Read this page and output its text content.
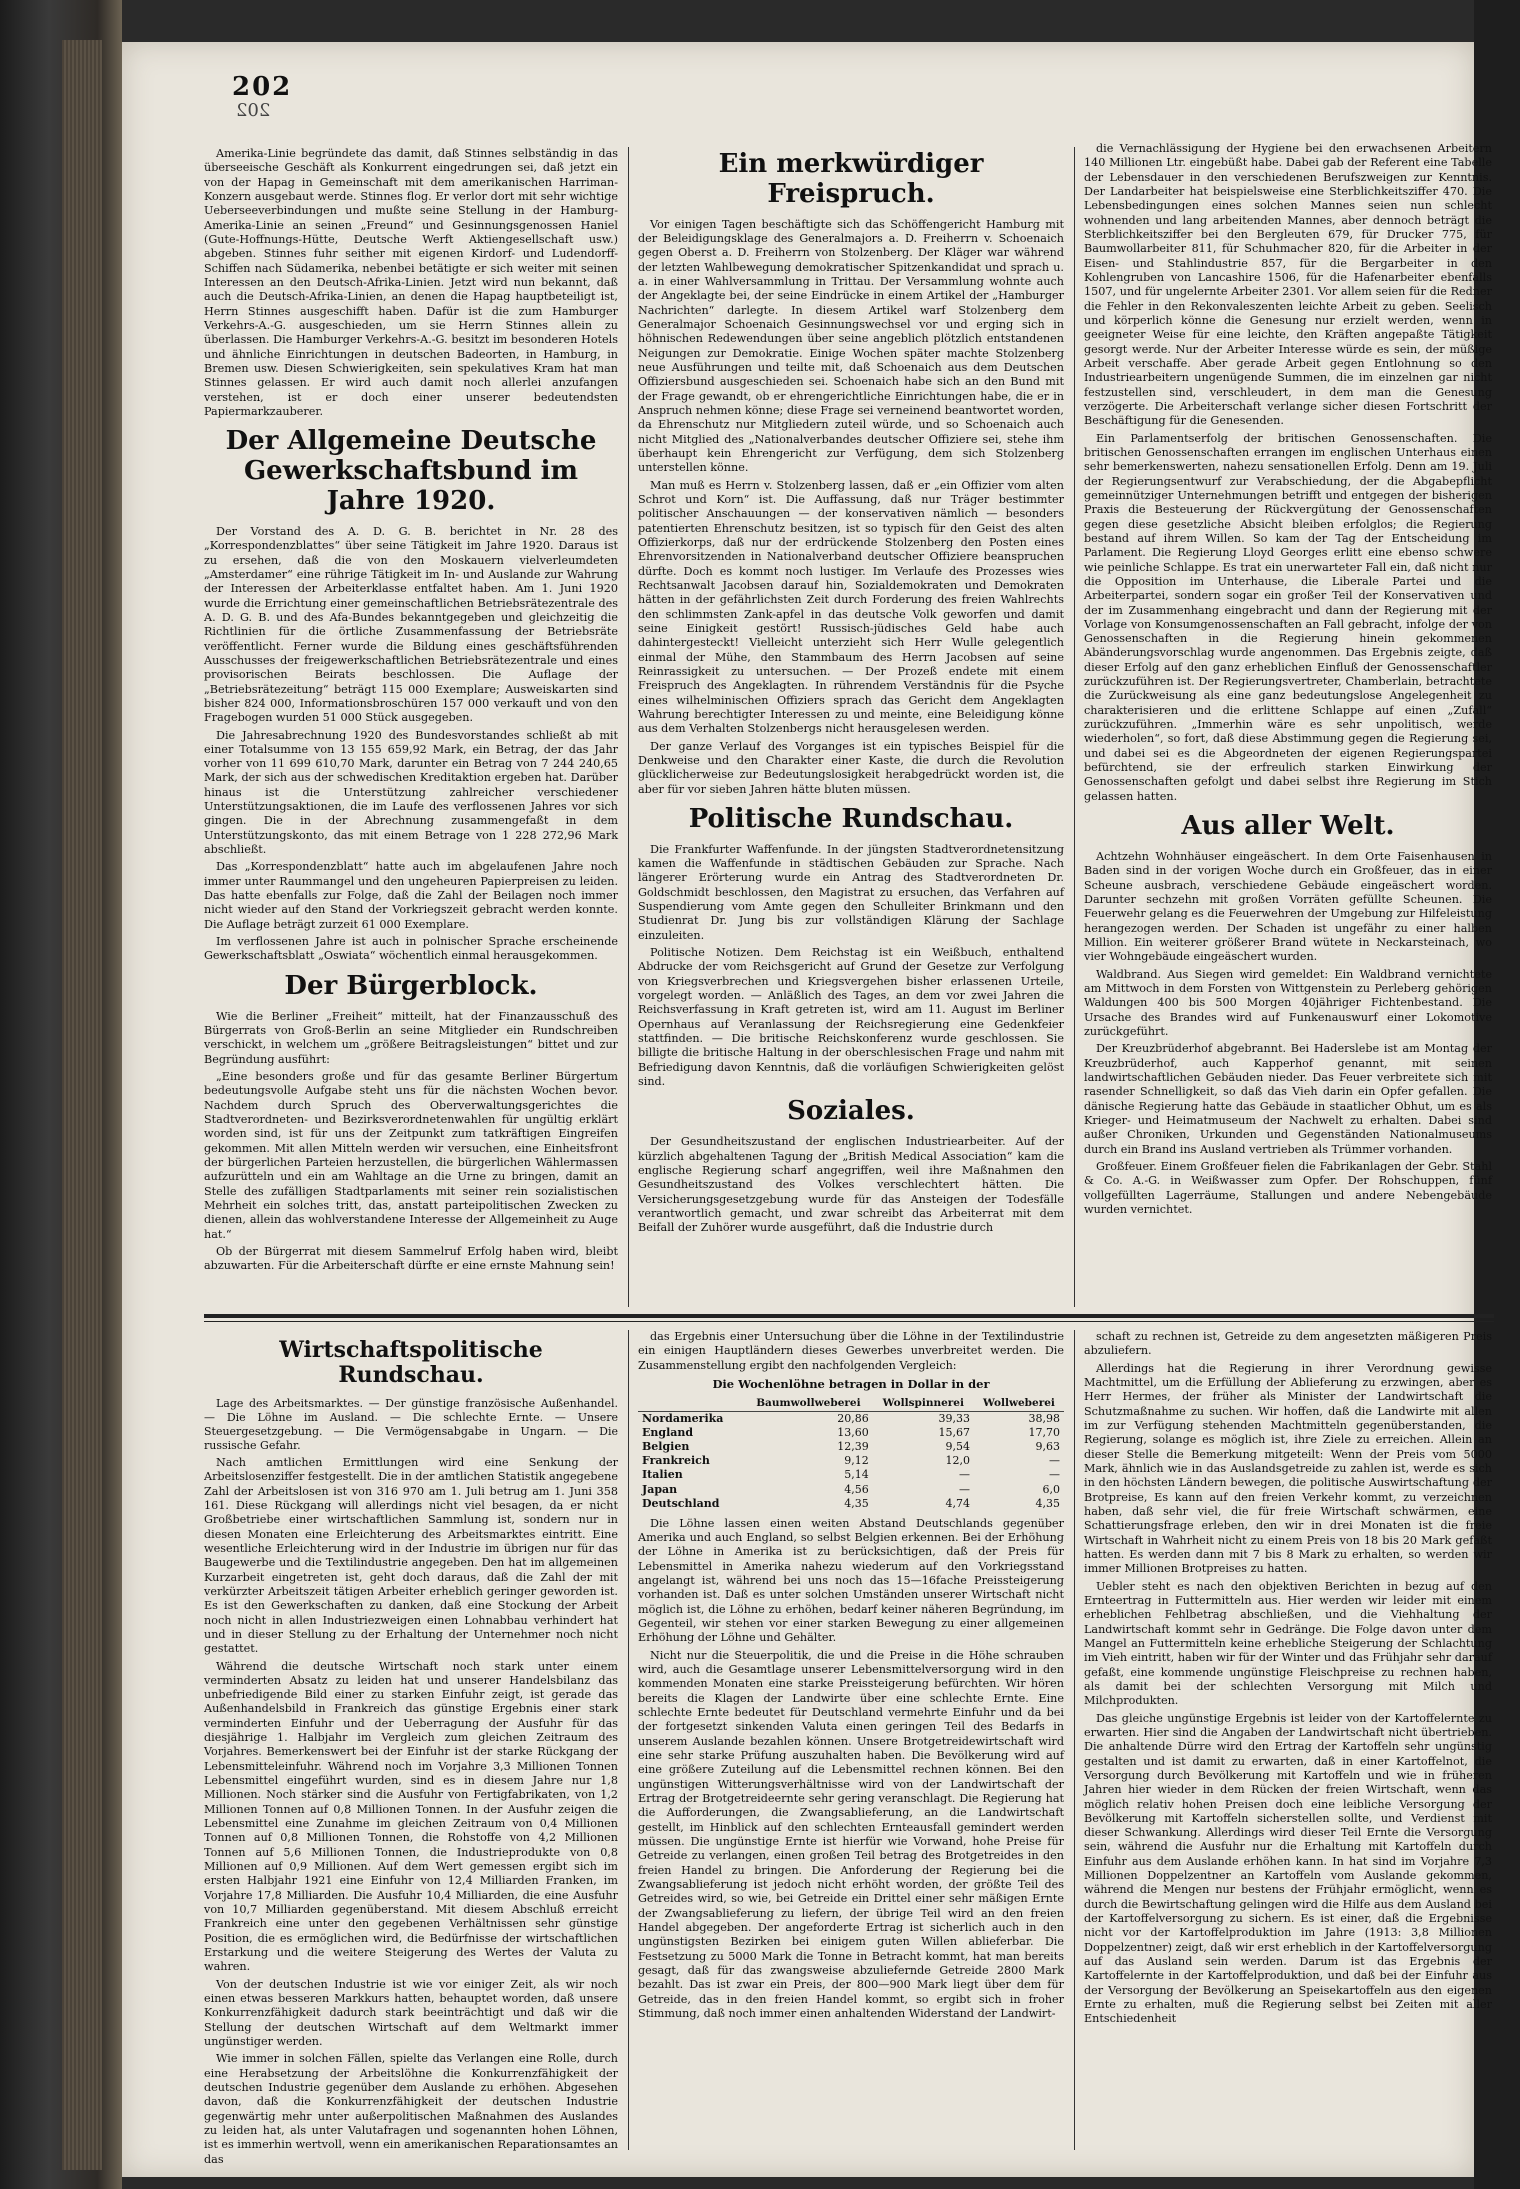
202
202

Amerika-Linie begründete das damit, daß Stinnes selbständig in das überseeische Geschäft als Konkurrent eingedrungen sei, daß jetzt ein von der Hapag in Gemeinschaft mit dem amerikanischen Harriman-Konzern ausgebaut werde. Stinnes flog. Er verlor dort mit sehr wichtige Ueberseeverbindungen und mußte seine Stellung in der Hamburg-Amerika-Linie an seinen „Freund“ und Gesinnungsgenossen Haniel (Gute-Hoffnungs-Hütte, Deutsche Werft Aktiengesellschaft usw.) abgeben. Stinnes fuhr seither mit eigenen Kirdorf- und Ludendorff-Schiffen nach Südamerika, nebenbei betätigte er sich weiter mit seinen Interessen an den Deutsch-Afrika-Linien. Jetzt wird nun bekannt, daß auch die Deutsch-Afrika-Linien, an denen die Hapag hauptbeteiligt ist, Herrn Stinnes ausgeschifft haben. Dafür ist die zum Hamburger Verkehrs-A.-G. ausgeschieden, um sie Herrn Stinnes allein zu überlassen. Die Hamburger Verkehrs-A.-G. besitzt im besonderen Hotels und ähnliche Einrichtungen in deutschen Badeorten, in Hamburg, in Bremen usw. Diesen Schwierigkeiten, sein spekulatives Kram hat man Stinnes gelassen. Er wird auch damit noch allerlei anzufangen verstehen, ist er doch einer unserer bedeutendsten Papiermarkzauberer.

Der Allgemeine Deutsche Gewerkschaftsbund im Jahre 1920.

Der Vorstand des A. D. G. B. berichtet in Nr. 28 des „Korrespondenzblattes“ über seine Tätigkeit im Jahre 1920. Daraus ist zu ersehen, daß die von den Moskauern vielverleumdeten „Amsterdamer“ eine rührige Tätigkeit im In- und Auslande zur Wahrung der Interessen der Arbeiterklasse entfaltet haben. Am 1. Juni 1920 wurde die Errichtung einer gemeinschaftlichen Betriebsrätezentrale des A. D. G. B. und des Afa-Bundes bekanntgegeben und gleichzeitig die Richtlinien für die örtliche Zusammenfassung der Betriebsräte veröffentlicht. Ferner wurde die Bildung eines geschäftsführenden Ausschusses der freigewerkschaftlichen Betriebsrätezentrale und eines provisorischen Beirats beschlossen. Die Auflage der „Betriebsrätezeitung“ beträgt 115 000 Exemplare; Ausweiskarten sind bisher 824 000, Informationsbroschüren 157 000 verkauft und von den Fragebogen wurden 51 000 Stück ausgegeben.

Die Jahresabrechnung 1920 des Bundesvorstandes schließt ab mit einer Totalsumme von 13 155 659,92 Mark, ein Betrag, der das Jahr vorher von 11 699 610,70 Mark, darunter ein Betrag von 7 244 240,65 Mark, der sich aus der schwedischen Kreditaktion ergeben hat. Darüber hinaus ist die Unterstützung zahlreicher verschiedener Unterstützungsaktionen, die im Laufe des verflossenen Jahres vor sich gingen. Die in der Abrechnung zusammengefaßt in dem Unterstützungskonto, das mit einem Betrage von 1 228 272,96 Mark abschließt.

Das „Korrespondenzblatt“ hatte auch im abgelaufenen Jahre noch immer unter Raummangel und den ungeheuren Papierpreisen zu leiden. Das hatte ebenfalls zur Folge, daß die Zahl der Beilagen noch immer nicht wieder auf den Stand der Vorkriegszeit gebracht werden konnte. Die Auflage beträgt zurzeit 61 000 Exemplare.

Im verflossenen Jahre ist auch in polnischer Sprache erscheinende Gewerkschaftsblatt „Oswiata“ wöchentlich einmal herausgekommen.

Der Bürgerblock.

Wie die Berliner „Freiheit“ mitteilt, hat der Finanzausschuß des Bürgerrats von Groß-Berlin an seine Mitglieder ein Rundschreiben verschickt, in welchem um „größere Beitragsleistungen“ bittet und zur Begründung ausführt:

„Eine besonders große und für das gesamte Berliner Bürgertum bedeutungsvolle Aufgabe steht uns für die nächsten Wochen bevor. Nachdem durch Spruch des Oberverwaltungsgerichtes die Stadtverordneten- und Bezirksverordnetenwahlen für ungültig erklärt worden sind, ist für uns der Zeitpunkt zum tatkräftigen Eingreifen gekommen. Mit allen Mitteln werden wir versuchen, eine Einheitsfront der bürgerlichen Parteien herzustellen, die bürgerlichen Wählermassen aufzurütteln und ein am Wahltage an die Urne zu bringen, damit an Stelle des zufälligen Stadtparlaments mit seiner rein sozialistischen Mehrheit ein solches tritt, das, anstatt parteipolitischen Zwecken zu dienen, allein das wohlverstandene Interesse der Allgemeinheit zu Auge hat.“

Ob der Bürgerrat mit diesem Sammelruf Erfolg haben wird, bleibt abzuwarten. Für die Arbeiterschaft dürfte er eine ernste Mahnung sein!

Ein merkwürdiger Freispruch.

Vor einigen Tagen beschäftigte sich das Schöffengericht Hamburg mit der Beleidigungsklage des Generalmajors a. D. Freiherrn v. Schoenaich gegen Oberst a. D. Freiherrn von Stolzenberg. Der Kläger war während der letzten Wahlbewegung demokratischer Spitzenkandidat und sprach u. a. in einer Wahlversammlung in Trittau. Der Versammlung wohnte auch der Angeklagte bei, der seine Eindrücke in einem Artikel der „Hamburger Nachrichten“ darlegte. In diesem Artikel warf Stolzenberg dem Generalmajor Schoenaich Gesinnungswechsel vor und erging sich in höhnischen Redewendungen über seine angeblich plötzlich entstandenen Neigungen zur Demokratie. Einige Wochen später machte Stolzenberg neue Ausführungen und teilte mit, daß Schoenaich aus dem Deutschen Offiziersbund ausgeschieden sei. Schoenaich habe sich an den Bund mit der Frage gewandt, ob er ehrengerichtliche Einrichtungen habe, die er in Anspruch nehmen könne; diese Frage sei verneinend beantwortet worden, da Ehrenschutz nur Mitgliedern zuteil würde, und so Schoenaich auch nicht Mitglied des „Nationalverbandes deutscher Offiziere sei, stehe ihm überhaupt kein Ehrengericht zur Verfügung, dem sich Stolzenberg unterstellen könne.

Man muß es Herrn v. Stolzenberg lassen, daß er „ein Offizier vom alten Schrot und Korn“ ist. Die Auffassung, daß nur Träger bestimmter politischer Anschauungen — der konservativen nämlich — besonders patentierten Ehrenschutz besitzen, ist so typisch für den Geist des alten Offizierkorps, daß nur der erdrückende Stolzenberg den Posten eines Ehrenvorsitzenden in Nationalverband deutscher Offiziere beanspruchen dürfte. Doch es kommt noch lustiger. Im Verlaufe des Prozesses wies Rechtsanwalt Jacobsen darauf hin, Sozialdemokraten und Demokraten hätten in der gefährlichsten Zeit durch Forderung des freien Wahlrechts den schlimmsten Zank-apfel in das deutsche Volk geworfen und damit seine Einigkeit gestört! Russisch-jüdisches Geld habe auch dahintergesteckt! Vielleicht unterzieht sich Herr Wulle gelegentlich einmal der Mühe, den Stammbaum des Herrn Jacobsen auf seine Reinrassigkeit zu untersuchen. — Der Prozeß endete mit einem Freispruch des Angeklagten. In rührendem Verständnis für die Psyche eines wilhelminischen Offiziers sprach das Gericht dem Angeklagten Wahrung berechtigter Interessen zu und meinte, eine Beleidigung könne aus dem Verhalten Stolzenbergs nicht herausgelesen werden.

Der ganze Verlauf des Vorganges ist ein typisches Beispiel für die Denkweise und den Charakter einer Kaste, die durch die Revolution glücklicherweise zur Bedeutungslosigkeit herabgedrückt worden ist, die aber für vor sieben Jahren hätte bluten müssen.

Politische Rundschau.

Die Frankfurter Waffenfunde. In der jüngsten Stadtverordnetensitzung kamen die Waffenfunde in städtischen Gebäuden zur Sprache. Nach längerer Erörterung wurde ein Antrag des Stadtverordneten Dr. Goldschmidt beschlossen, den Magistrat zu ersuchen, das Verfahren auf Suspendierung vom Amte gegen den Schulleiter Brinkmann und den Studienrat Dr. Jung bis zur vollständigen Klärung der Sachlage einzuleiten.

Politische Notizen. Dem Reichstag ist ein Weißbuch, enthaltend Abdrucke der vom Reichsgericht auf Grund der Gesetze zur Verfolgung von Kriegsverbrechen und Kriegsvergehen bisher erlassenen Urteile, vorgelegt worden. — Anläßlich des Tages, an dem vor zwei Jahren die Reichsverfassung in Kraft getreten ist, wird am 11. August im Berliner Opernhaus auf Veranlassung der Reichsregierung eine Gedenkfeier stattfinden. — Die britische Reichskonferenz wurde geschlossen. Sie billigte die britische Haltung in der oberschlesischen Frage und nahm mit Befriedigung davon Kenntnis, daß die vorläufigen Schwierigkeiten gelöst sind.

Soziales.

Der Gesundheitszustand der englischen Industriearbeiter. Auf der kürzlich abgehaltenen Tagung der „British Medical Association“ kam die englische Regierung scharf angegriffen, weil ihre Maßnahmen den Gesundheitszustand des Volkes verschlechtert hätten. Die Versicherungsgesetzgebung wurde für das Ansteigen der Todesfälle verantwortlich gemacht, und zwar schreibt das Arbeiterrat mit dem Beifall der Zuhörer wurde ausgeführt, daß die Industrie durch

die Vernachlässigung der Hygiene bei den erwachsenen Arbeitern 140 Millionen Ltr. eingebüßt habe. Dabei gab der Referent eine Tabelle der Lebensdauer in den verschiedenen Berufszweigen zur Kenntnis. Der Landarbeiter hat beispielsweise eine Sterblichkeitsziffer 470. Die Lebensbedingungen eines solchen Mannes seien nun schlecht wohnenden und lang arbeitenden Mannes, aber dennoch beträgt die Sterblichkeitsziffer bei den Bergleuten 679, für Drucker 775, für Baumwollarbeiter 811, für Schuhmacher 820, für die Arbeiter in der Eisen- und Stahlindustrie 857, für die Bergarbeiter in den Kohlengruben von Lancashire 1506, für die Hafenarbeiter ebenfalls 1507, und für ungelernte Arbeiter 2301. Vor allem seien für die Redner die Fehler in den Rekonvaleszenten leichte Arbeit zu geben. Seelisch und körperlich könne die Genesung nur erzielt werden, wenn in geeigneter Weise für eine leichte, den Kräften angepaßte Tätigkeit gesorgt werde. Nur der Arbeiter Interesse würde es sein, der müßige Arbeit verschaffe. Aber gerade Arbeit gegen Entlohnung so den Industriearbeitern ungenügende Summen, die im einzelnen gar nicht festzustellen sind, verschleudert, in dem man die Genesung verzögerte. Die Arbeiterschaft verlange sicher diesen Fortschritt der Beschäftigung für die Genesenden.

Ein Parlamentserfolg der britischen Genossenschaften. Die britischen Genossenschaften errangen im englischen Unterhaus einen sehr bemerkenswerten, nahezu sensationellen Erfolg. Denn am 19. Juli der Regierungsentwurf zur Verabschiedung, der die Abgabepflicht gemeinnütziger Unternehmungen betrifft und entgegen der bisherigen Praxis die Besteuerung der Rückvergütung der Genossenschaften gegen diese gesetzliche Absicht bleiben erfolglos; die Regierung bestand auf ihrem Willen. So kam der Tag der Entscheidung im Parlament. Die Regierung Lloyd Georges erlitt eine ebenso schwere wie peinliche Schlappe. Es trat ein unerwarteter Fall ein, daß nicht nur die Opposition im Unterhause, die Liberale Partei und die Arbeiterpartei, sondern sogar ein großer Teil der Konservativen und der im Zusammenhang eingebracht und dann der Regierung mit der Vorlage von Konsumgenossenschaften an Fall gebracht, infolge der von Genossenschaften in die Regierung hinein gekommenen Abänderungsvorschlag wurde angenommen. Das Ergebnis zeigte, daß dieser Erfolg auf den ganz erheblichen Einfluß der Genossenschaftler zurückzuführen ist. Der Regierungsvertreter, Chamberlain, betrachtete die Zurückweisung als eine ganz bedeutungslose Angelegenheit zu charakterisieren und die erlittene Schlappe auf einen „Zufall“ zurückzuführen. „Immerhin wäre es sehr unpolitisch, werde wiederholen“, so fort, daß diese Abstimmung gegen die Regierung sei, und dabei sei es die Abgeordneten der eigenen Regierungspartei befürchtend, sie der erfreulich starken Einwirkung der Genossenschaften gefolgt und dabei selbst ihre Regierung im Stich gelassen hatten.

Aus aller Welt.

Achtzehn Wohnhäuser eingeäschert. In dem Orte Faisenhausen in Baden sind in der vorigen Woche durch ein Großfeuer, das in einer Scheune ausbrach, verschiedene Gebäude eingeäschert worden. Darunter sechzehn mit großen Vorräten gefüllte Scheunen. Die Feuerwehr gelang es die Feuerwehren der Umgebung zur Hilfeleistung herangezogen werden. Der Schaden ist ungefähr zu einer halben Million. Ein weiterer größerer Brand wütete in Neckarsteinach, wo vier Wohngebäude eingeäschert wurden.

Waldbrand. Aus Siegen wird gemeldet: Ein Waldbrand vernichtete am Mittwoch in dem Forsten von Wittgenstein zu Perleberg gehörigen Waldungen 400 bis 500 Morgen 40jähriger Fichtenbestand. Die Ursache des Brandes wird auf Funkenauswurf einer Lokomotive zurückgeführt.

Der Kreuzbrüderhof abgebrannt. Bei Haderslebe ist am Montag der Kreuzbrüderhof, auch Kapperhof genannt, mit seinen landwirtschaftlichen Gebäuden nieder. Das Feuer verbreitete sich mit rasender Schnelligkeit, so daß das Vieh darin ein Opfer gefallen. Die dänische Regierung hatte das Gebäude in staatlicher Obhut, um es als Krieger- und Heimatmuseum der Nachwelt zu erhalten. Dabei sind außer Chroniken, Urkunden und Gegenständen Nationalmuseums durch ein Brand ins Ausland vertrieben als Trümmer vorhanden.

Großfeuer. Einem Großfeuer fielen die Fabrikanlagen der Gebr. Stahl & Co. A.-G. in Weißwasser zum Opfer. Der Rohschuppen, fünf vollgefüllten Lagerräume, Stallungen und andere Nebengebäude wurden vernichtet.

Wirtschaftspolitische Rundschau.

Lage des Arbeitsmarktes. — Der günstige französische Außenhandel. — Die Löhne im Ausland. — Die schlechte Ernte. — Unsere Steuergesetzgebung. — Die Vermögensabgabe in Ungarn. — Die russische Gefahr.

Nach amtlichen Ermittlungen wird eine Senkung der Arbeitslosenziffer festgestellt. Die in der amtlichen Statistik angegebene Zahl der Arbeitslosen ist von 316 970 am 1. Juli betrug am 1. Juni 358 161. Diese Rückgang will allerdings nicht viel besagen, da er nicht Großbetriebe einer wirtschaftlichen Sammlung ist, sondern nur in diesen Monaten eine Erleichterung des Arbeitsmarktes eintritt. Eine wesentliche Erleichterung wird in der Industrie im übrigen nur für das Baugewerbe und die Textilindustrie angegeben. Den hat im allgemeinen Kurzarbeit eingetreten ist, geht doch daraus, daß die Zahl der mit verkürzter Arbeitszeit tätigen Arbeiter erheblich geringer geworden ist. Es ist den Gewerkschaften zu danken, daß eine Stockung der Arbeit noch nicht in allen Industriezweigen einen Lohnabbau verhindert hat und in dieser Stellung zu der Erhaltung der Unternehmer noch nicht gestattet.

Während die deutsche Wirtschaft noch stark unter einem verminderten Absatz zu leiden hat und unserer Handelsbilanz das unbefriedigende Bild einer zu starken Einfuhr zeigt, ist gerade das Außenhandelsbild in Frankreich das günstige Ergebnis einer stark verminderten Einfuhr und der Ueberragung der Ausfuhr für das diesjährige 1. Halbjahr im Vergleich zum gleichen Zeitraum des Vorjahres. Bemerkenswert bei der Einfuhr ist der starke Rückgang der Lebensmitteleinfuhr. Während noch im Vorjahre 3,3 Millionen Tonnen Lebensmittel eingeführt wurden, sind es in diesem Jahre nur 1,8 Millionen. Noch stärker sind die Ausfuhr von Fertigfabrikaten, von 1,2 Millionen Tonnen auf 0,8 Millionen Tonnen. In der Ausfuhr zeigen die Lebensmittel eine Zunahme im gleichen Zeitraum von 0,4 Millionen Tonnen auf 0,8 Millionen Tonnen, die Rohstoffe von 4,2 Millionen Tonnen auf 5,6 Millionen Tonnen, die Industrieprodukte von 0,8 Millionen auf 0,9 Millionen. Auf dem Wert gemessen ergibt sich im ersten Halbjahr 1921 eine Einfuhr von 12,4 Milliarden Franken, im Vorjahre 17,8 Milliarden. Die Ausfuhr 10,4 Milliarden, die eine Ausfuhr von 10,7 Milliarden gegenüberstand. Mit diesem Abschluß erreicht Frankreich eine unter den gegebenen Verhältnissen sehr günstige Position, die es ermöglichen wird, die Bedürfnisse der wirtschaftlichen Erstarkung und die weitere Steigerung des Wertes der Valuta zu wahren.

Von der deutschen Industrie ist wie vor einiger Zeit, als wir noch einen etwas besseren Markkurs hatten, behauptet worden, daß unsere Konkurrenzfähigkeit dadurch stark beeinträchtigt und daß wir die Stellung der deutschen Wirtschaft auf dem Weltmarkt immer ungünstiger werden.

Wie immer in solchen Fällen, spielte das Verlangen eine Rolle, durch eine Herabsetzung der Arbeitslöhne die Konkurrenzfähigkeit der deutschen Industrie gegenüber dem Auslande zu erhöhen. Abgesehen davon, daß die Konkurrenzfähigkeit der deutschen Industrie gegenwärtig mehr unter außerpolitischen Maßnahmen des Auslandes zu leiden hat, als unter Valutafragen und sogenannten hohen Löhnen, ist es immerhin wertvoll, wenn ein amerikanischen Reparationsamtes an das

das Ergebnis einer Untersuchung über die Löhne in der Textilindustrie ein einigen Hauptländern dieses Gewerbes unverbreitet werden. Die Zusammenstellung ergibt den nachfolgenden Vergleich:

Die Wochenlöhne betragen in Dollar in der
	Baumwollweberei	Wollspinnerei	Wollweberei
Nordamerika	20,86	39,33	38,98
England	13,60	15,67	17,70
Belgien	12,39	9,54	9,63
Frankreich	9,12	12,0	—
Italien	5,14	—	—
Japan	4,56	—	6,0
Deutschland	4,35	4,74	4,35

Die Löhne lassen einen weiten Abstand Deutschlands gegenüber Amerika und auch England, so selbst Belgien erkennen. Bei der Erhöhung der Löhne in Amerika ist zu berücksichtigen, daß der Preis für Lebensmittel in Amerika nahezu wiederum auf den Vorkriegsstand angelangt ist, während bei uns noch das 15—16fache Preissteigerung vorhanden ist. Daß es unter solchen Umständen unserer Wirtschaft nicht möglich ist, die Löhne zu erhöhen, bedarf keiner näheren Begründung, im Gegenteil, wir stehen vor einer starken Bewegung zu einer allgemeinen Erhöhung der Löhne und Gehälter.

Nicht nur die Steuerpolitik, die und die Preise in die Höhe schrauben wird, auch die Gesamtlage unserer Lebensmittelversorgung wird in den kommenden Monaten eine starke Preissteigerung befürchten. Wir hören bereits die Klagen der Landwirte über eine schlechte Ernte. Eine schlechte Ernte bedeutet für Deutschland vermehrte Einfuhr und da bei der fortgesetzt sinkenden Valuta einen geringen Teil des Bedarfs in unserem Auslande bezahlen können. Unsere Brotgetreidewirtschaft wird eine sehr starke Prüfung auszuhalten haben. Die Bevölkerung wird auf eine größere Zuteilung auf die Lebensmittel rechnen können. Bei den ungünstigen Witterungsverhältnisse wird von der Landwirtschaft der Ertrag der Brotgetreideernte sehr gering veranschlagt. Die Regierung hat die Aufforderungen, die Zwangsablieferung, an die Landwirtschaft gestellt, im Hinblick auf den schlechten Ernteausfall gemindert werden müssen. Die ungünstige Ernte ist hierfür wie Vorwand, hohe Preise für Getreide zu verlangen, einen großen Teil betrag des Brotgetreides in den freien Handel zu bringen. Die Anforderung der Regierung bei die Zwangsablieferung ist jedoch nicht erhöht worden, der größte Teil des Getreides wird, so wie, bei Getreide ein Drittel einer sehr mäßigen Ernte der Zwangsablieferung zu liefern, der übrige Teil wird an den freien Handel abgegeben. Der angeforderte Ertrag ist sicherlich auch in den ungünstigsten Bezirken bei einigem guten Willen ablieferbar. Die Festsetzung zu 5000 Mark die Tonne in Betracht kommt, hat man bereits gesagt, daß für das zwangsweise abzuliefernde Getreide 2800 Mark bezahlt. Das ist zwar ein Preis, der 800—900 Mark liegt über dem für Getreide, das in den freien Handel kommt, so ergibt sich in froher Stimmung, daß noch immer einen anhaltenden Widerstand der Landwirt-

schaft zu rechnen ist, Getreide zu dem angesetzten mäßigeren Preis abzuliefern.

Allerdings hat die Regierung in ihrer Verordnung gewisse Machtmittel, um die Erfüllung der Ablieferung zu erzwingen, aber es Herr Hermes, der früher als Minister der Landwirtschaft die Schutzmaßnahme zu suchen. Wir hoffen, daß die Landwirte mit allen im zur Verfügung stehenden Machtmitteln gegenüberstanden, die Regierung, solange es möglich ist, ihre Ziele zu erreichen. Allein an dieser Stelle die Bemerkung mitgeteilt: Wenn der Preis vom 5000 Mark, ähnlich wie in das Auslandsgetreide zu zahlen ist, werde es sich in den höchsten Ländern bewegen, die politische Auswirtschaftung der Brotpreise, Es kann auf den freien Verkehr kommt, zu verzeichnen haben, daß sehr viel, die für freie Wirtschaft schwärmen, eine Schattierungsfrage erleben, den wir in drei Monaten ist die freie Wirtschaft in Wahrheit nicht zu einem Preis von 18 bis 20 Mark gefaßt hatten. Es werden dann mit 7 bis 8 Mark zu erhalten, so werden wir immer Millionen Brotpreises zu hatten.

Uebler steht es nach den objektiven Berichten in bezug auf den Ernteertrag in Futtermitteln aus. Hier werden wir leider mit einem erheblichen Fehlbetrag abschließen, und die Viehhaltung der Landwirtschaft kommt sehr in Gedränge. Die Folge davon unter dem Mangel an Futtermitteln keine erhebliche Steigerung der Schlachtung im Vieh eintritt, haben wir für der Winter und das Frühjahr sehr darauf gefaßt, eine kommende ungünstige Fleischpreise zu rechnen haben, als damit bei der schlechten Versorgung mit Milch und Milchprodukten.

Das gleiche ungünstige Ergebnis ist leider von der Kartoffelernte zu erwarten. Hier sind die Angaben der Landwirtschaft nicht übertrieben. Die anhaltende Dürre wird den Ertrag der Kartoffeln sehr ungünstig gestalten und ist damit zu erwarten, daß in einer Kartoffelnot, die Versorgung durch Bevölkerung mit Kartoffeln und wie in früheren Jahren hier wieder in dem Rücken der freien Wirtschaft, wenn das möglich relativ hohen Preisen doch eine leibliche Versorgung der Bevölkerung mit Kartoffeln sicherstellen sollte, und Verdienst mit dieser Schwankung. Allerdings wird dieser Teil Ernte die Versorgung sein, während die Ausfuhr nur die Erhaltung mit Kartoffeln durch Einfuhr aus dem Auslande erhöhen kann. In hat sind im Vorjahre 7,3 Millionen Doppelzentner an Kartoffeln vom Auslande gekommen, während die Mengen nur bestens der Frühjahr ermöglicht, wenn es durch die Bewirtschaftung gelingen wird die Hilfe aus dem Ausland bei der Kartoffelversorgung zu sichern. Es ist einer, daß die Ergebnisse nicht vor der Kartoffelproduktion im Jahre (1913: 3,8 Millionen Doppelzentner) zeigt, daß wir erst erheblich in der Kartoffelversorgung auf das Ausland sein werden. Darum ist das Ergebnis der Kartoffelernte in der Kartoffelproduktion, und daß bei der Einfuhr aus der Versorgung der Bevölkerung an Speisekartoffeln aus den eigenen Ernte zu erhalten, muß die Regierung selbst bei Zeiten mit aller Entschiedenheit
